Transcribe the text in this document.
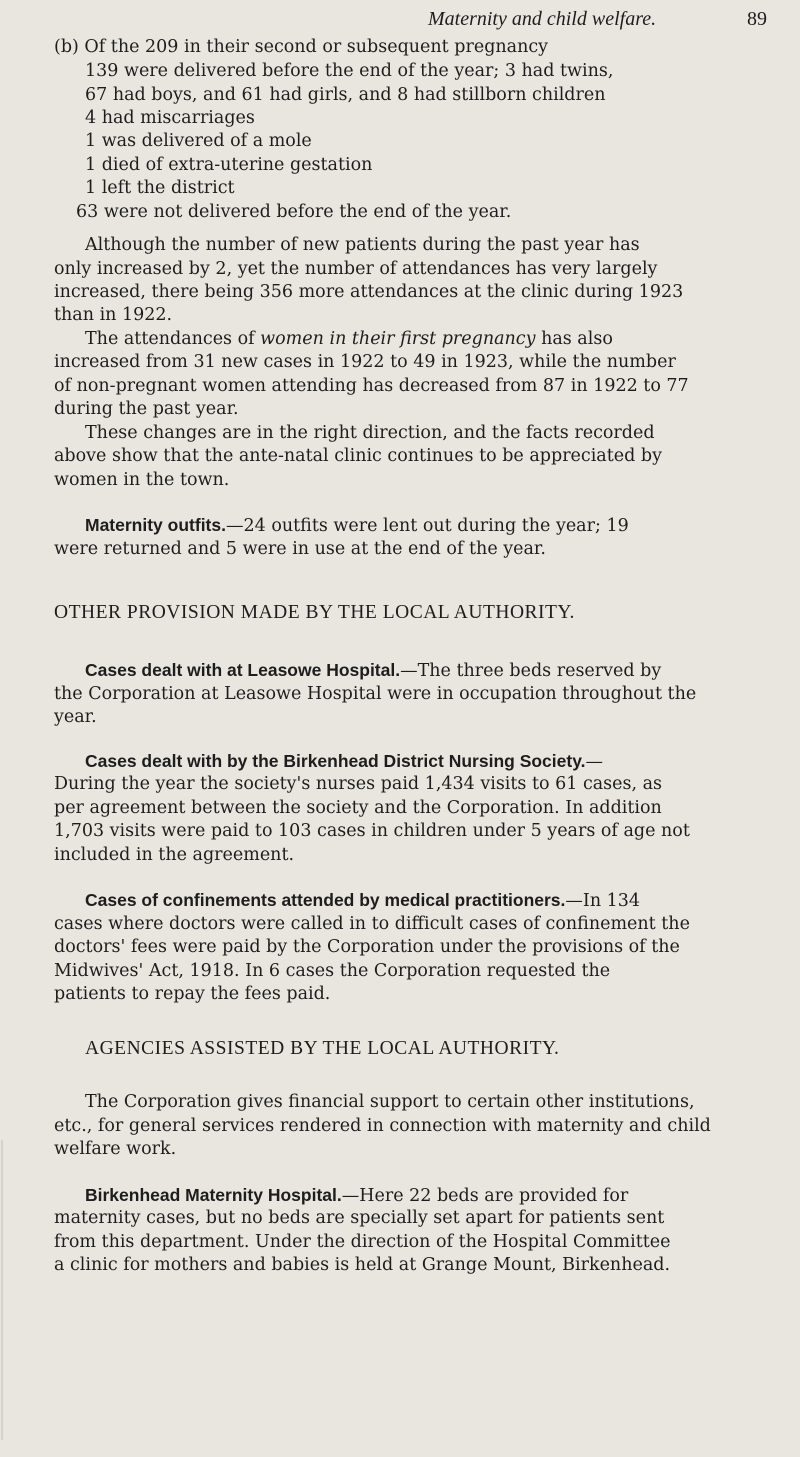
Maternity and child welfare.	89
(b) Of the 209 in their second or subsequent pregnancy
139 were delivered before the end of the year; 3 had twins,
67 had boys, and 61 had girls, and 8 had stillborn children
4 had miscarriages
1 was delivered of a mole
1 died of extra-uterine gestation
1 left the district
63 were not delivered before the end of the year.
Although the number of new patients during the past year has
only increased by 2, yet the number of attendances has very largely
increased, there being 356 more attendances at the clinic during 1923
than in 1922.
The attendances of women in their first pregnancy has also
increased from 31 new cases in 1922 to 49 in 1923, while the number
of non-pregnant women attending has decreased from 87 in 1922 to 77
during the past year.
These changes are in the right direction, and the facts recorded
above show that the ante-natal clinic continues to be appreciated by
women in the town.
Maternity outfits.—24 outfits were lent out during the year; 19
were returned and 5 were in use at the end of the year.
OTHER PROVISION MADE BY THE LOCAL AUTHORITY.
Cases dealt with at Leasowe Hospital.—The three beds reserved by
the Corporation at Leasowe Hospital were in occupation throughout the
year.
Cases dealt with by the Birkenhead District Nursing Society.—
During the year the society's nurses paid 1,434 visits to 61 cases, as
per agreement between the society and the Corporation. In addition
1,703 visits were paid to 103 cases in children under 5 years of age not
included in the agreement.
Cases of confinements attended by medical practitioners.—In 134
cases where doctors were called in to difficult cases of confinement the
doctors' fees were paid by the Corporation under the provisions of the
Midwives' Act, 1918. In 6 cases the Corporation requested the
patients to repay the fees paid.
AGENCIES ASSISTED BY THE LOCAL AUTHORITY.
The Corporation gives financial support to certain other institutions,
etc., for general services rendered in connection with maternity and child
welfare work.
Birkenhead Maternity Hospital.—Here 22 beds are provided for
maternity cases, but no beds are specially set apart for patients sent
from this department. Under the direction of the Hospital Committee
a clinic for mothers and babies is held at Grange Mount, Birkenhead.
